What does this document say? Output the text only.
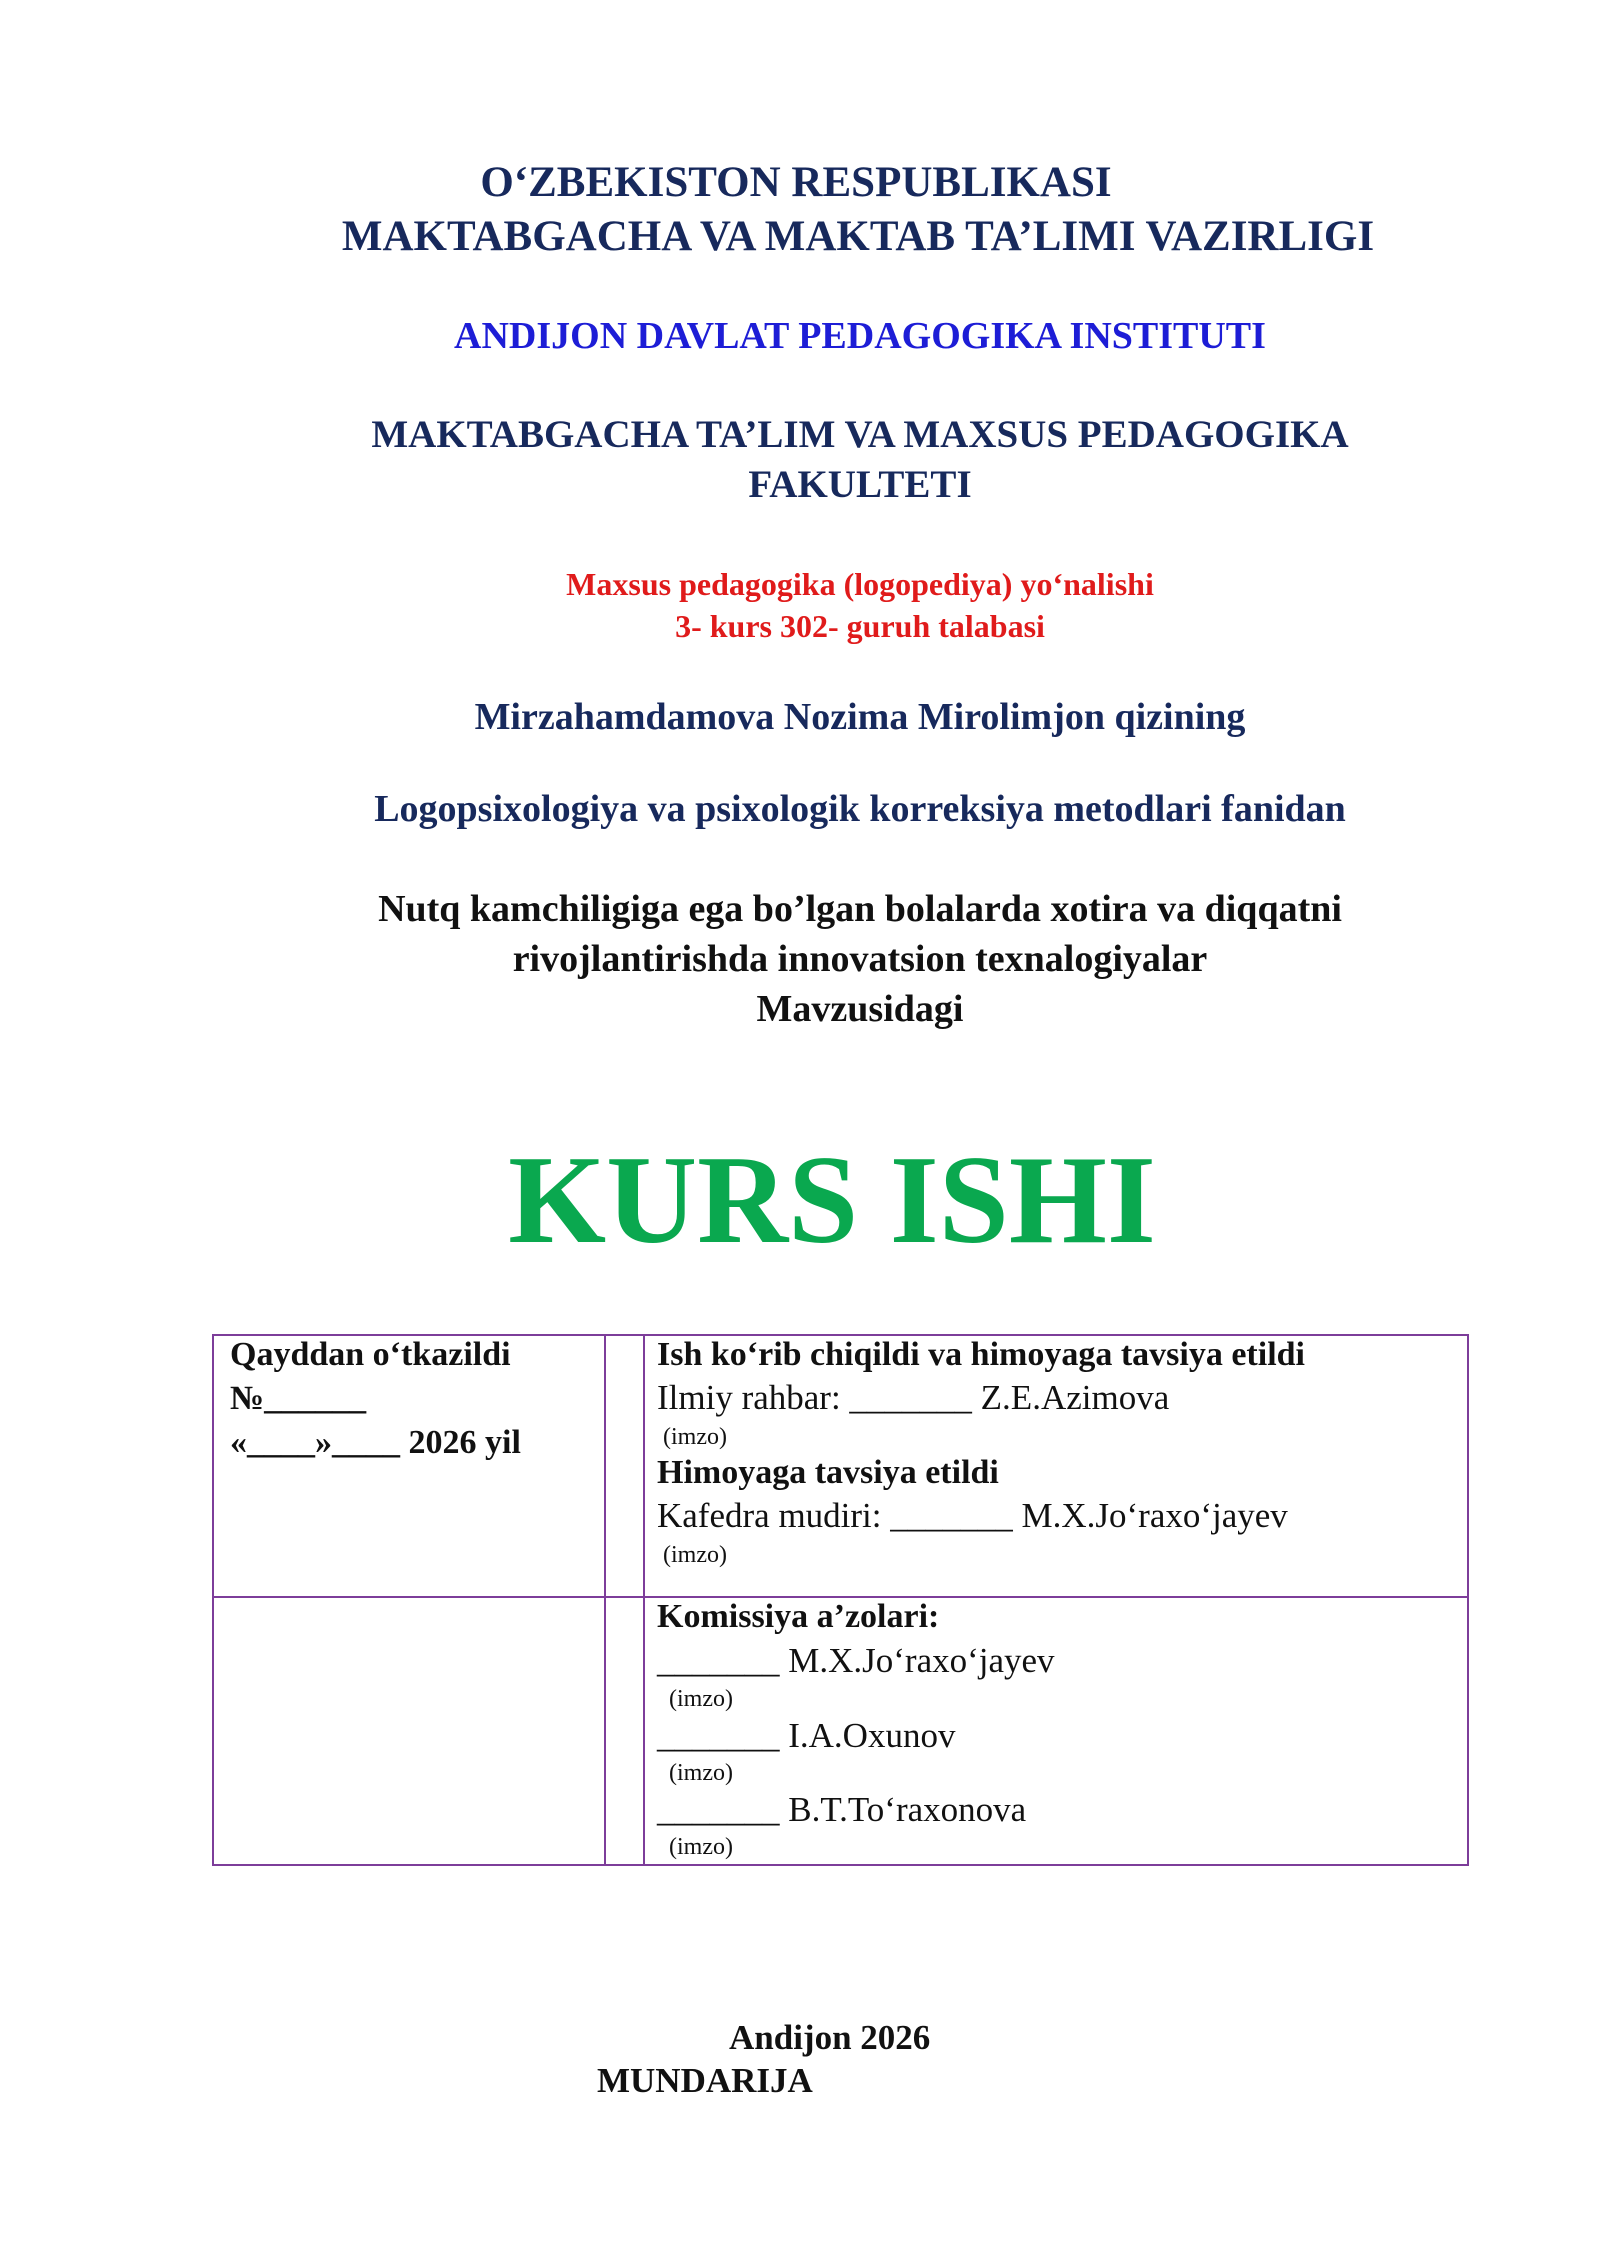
O‘ZBEKISTON RESPUBLIKASI
MAKTABGACHA VA MAKTAB TA’LIMI VAZIRLIGI
ANDIJON DAVLAT PEDAGOGIKA INSTITUTI
MAKTABGACHA TA’LIM VA MAXSUS PEDAGOGIKA
FAKULTETI
Maxsus pedagogika (logopediya) yo‘nalishi
3- kurs 302- guruh talabasi
Mirzahamdamova Nozima Mirolimjon qizining
Logopsixologiya va psixologik korreksiya metodlari fanidan
Nutq kamchiligiga ega bo’lgan bolalarda xotira va diqqatni
rivojlantirishda innovatsion texnalogiyalar
Mavzusidagi
KURS ISHI
Qayddan o‘tkazildi
№______
«____»____ 2026 yil
Ish ko‘rib chiqildi va himoyaga tavsiya etildi
Ilmiy rahbar: _______ Z.E.Azimova
(imzo)
Himoyaga tavsiya etildi
Kafedra mudiri: _______ M.X.Jo‘raxo‘jayev
(imzo)
Komissiya a’zolari:
_______ M.X.Jo‘raxo‘jayev
(imzo)
_______ I.A.Oxunov
(imzo)
_______ B.T.To‘raxonova
(imzo)
Andijon 2026
MUNDARIJA
